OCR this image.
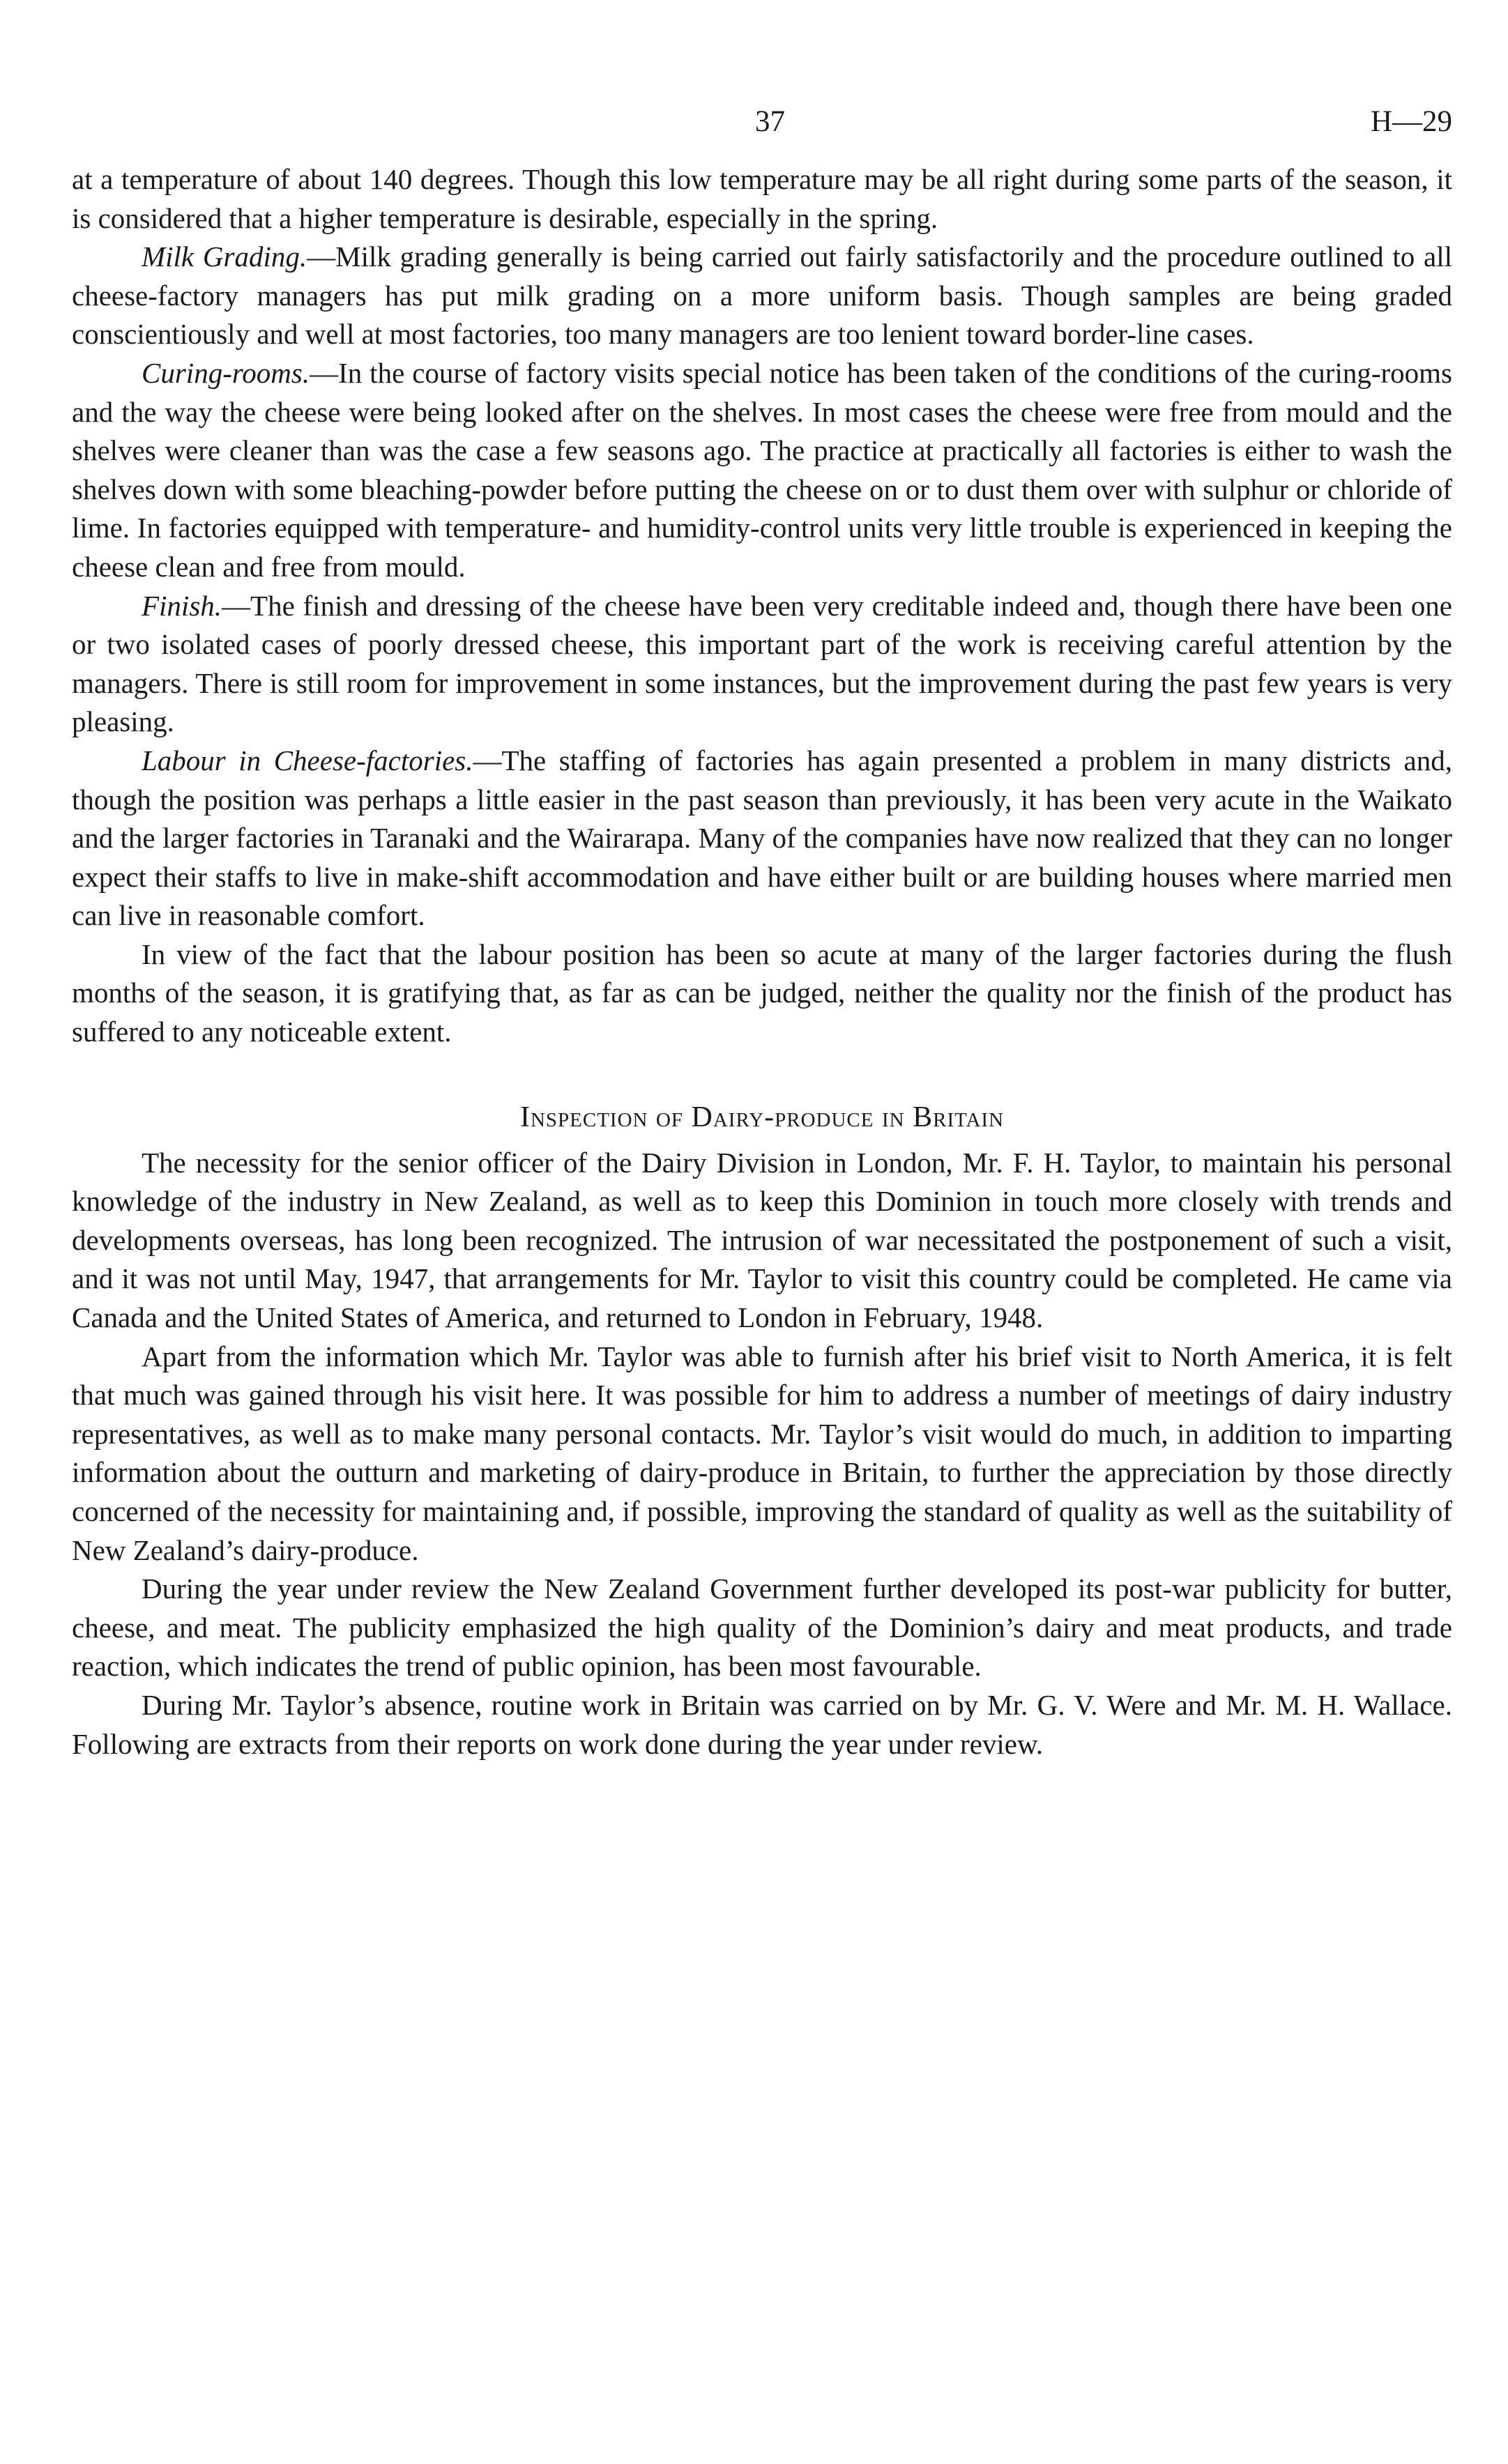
37	H—29

at a temperature of about 140 degrees. Though this low temperature may be all right during some parts of the season, it is considered that a higher temperature is desirable, especially in the spring.

Milk Grading.—Milk grading generally is being carried out fairly satisfactorily and the procedure outlined to all cheese-factory managers has put milk grading on a more uniform basis. Though samples are being graded conscientiously and well at most factories, too many managers are too lenient toward border-line cases.

Curing-rooms.—In the course of factory visits special notice has been taken of the conditions of the curing-rooms and the way the cheese were being looked after on the shelves. In most cases the cheese were free from mould and the shelves were cleaner than was the case a few seasons ago. The practice at practically all factories is either to wash the shelves down with some bleaching-powder before putting the cheese on or to dust them over with sulphur or chloride of lime. In factories equipped with temperature- and humidity-control units very little trouble is experienced in keeping the cheese clean and free from mould.

Finish.—The finish and dressing of the cheese have been very creditable indeed and, though there have been one or two isolated cases of poorly dressed cheese, this important part of the work is receiving careful attention by the managers. There is still room for improvement in some instances, but the improvement during the past few years is very pleasing.

Labour in Cheese-factories.—The staffing of factories has again presented a problem in many districts and, though the position was perhaps a little easier in the past season than previously, it has been very acute in the Waikato and the larger factories in Taranaki and the Wairarapa. Many of the companies have now realized that they can no longer expect their staffs to live in make-shift accommodation and have either built or are building houses where married men can live in reasonable comfort.

In view of the fact that the labour position has been so acute at many of the larger factories during the flush months of the season, it is gratifying that, as far as can be judged, neither the quality nor the finish of the product has suffered to any noticeable extent.

Inspection of Dairy-produce in Britain

The necessity for the senior officer of the Dairy Division in London, Mr. F. H. Taylor, to maintain his personal knowledge of the industry in New Zealand, as well as to keep this Dominion in touch more closely with trends and developments overseas, has long been recognized. The intrusion of war necessitated the postponement of such a visit, and it was not until May, 1947, that arrangements for Mr. Taylor to visit this country could be completed. He came via Canada and the United States of America, and returned to London in February, 1948.

Apart from the information which Mr. Taylor was able to furnish after his brief visit to North America, it is felt that much was gained through his visit here. It was possible for him to address a number of meetings of dairy industry representatives, as well as to make many personal contacts. Mr. Taylor’s visit would do much, in addition to imparting information about the outturn and marketing of dairy-produce in Britain, to further the appreciation by those directly concerned of the necessity for maintaining and, if possible, improving the standard of quality as well as the suitability of New Zealand’s dairy-produce.

During the year under review the New Zealand Government further developed its post-war publicity for butter, cheese, and meat. The publicity emphasized the high quality of the Dominion’s dairy and meat products, and trade reaction, which indicates the trend of public opinion, has been most favourable.

During Mr. Taylor’s absence, routine work in Britain was carried on by Mr. G. V. Were and Mr. M. H. Wallace. Following are extracts from their reports on work done during the year under review.
